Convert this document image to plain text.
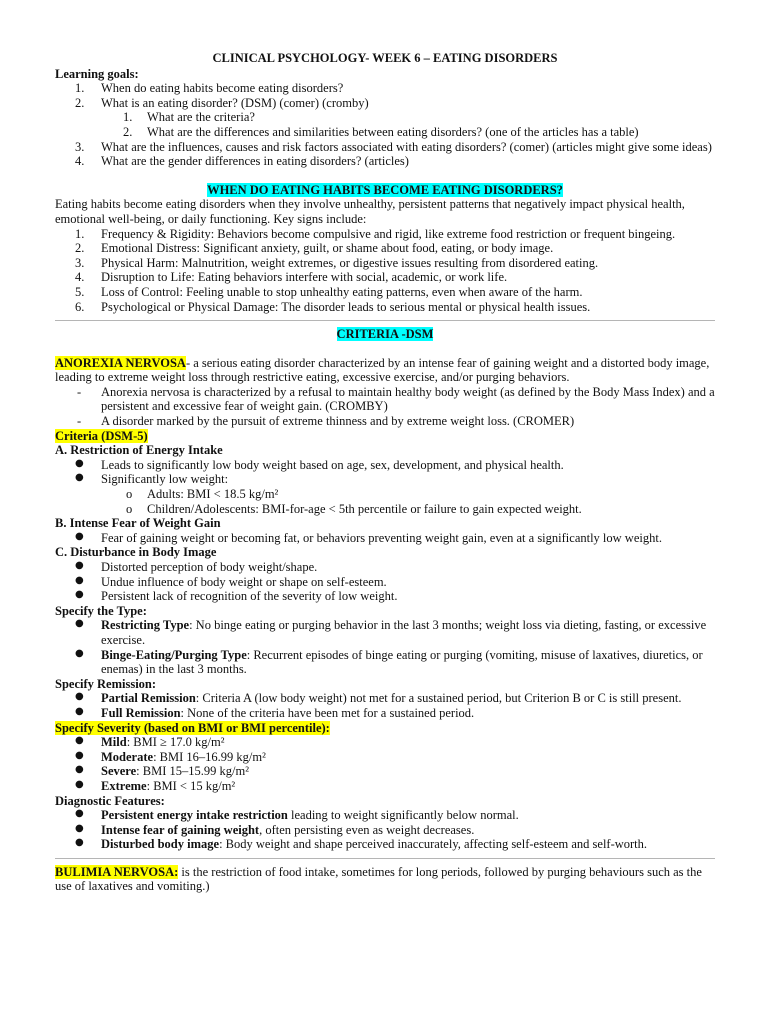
CLINICAL PSYCHOLOGY- WEEK 6 – EATING DISORDERS
Learning goals:
1. When do eating habits become eating disorders?
2. What is an eating disorder? (DSM) (comer) (cromby)
1. What are the criteria?
2. What are the differences and similarities between eating disorders? (one of the articles has a table)
3. What are the influences, causes and risk factors associated with eating disorders? (comer) (articles might give some ideas)
4. What are the gender differences in eating disorders? (articles)
WHEN DO EATING HABITS BECOME EATING DISORDERS?
Eating habits become eating disorders when they involve unhealthy, persistent patterns that negatively impact physical health, emotional well-being, or daily functioning. Key signs include:
1. Frequency & Rigidity: Behaviors become compulsive and rigid, like extreme food restriction or frequent bingeing.
2. Emotional Distress: Significant anxiety, guilt, or shame about food, eating, or body image.
3. Physical Harm: Malnutrition, weight extremes, or digestive issues resulting from disordered eating.
4. Disruption to Life: Eating behaviors interfere with social, academic, or work life.
5. Loss of Control: Feeling unable to stop unhealthy eating patterns, even when aware of the harm.
6. Psychological or Physical Damage: The disorder leads to serious mental or physical health issues.
CRITERIA -DSM
ANOREXIA NERVOSA- a serious eating disorder characterized by an intense fear of gaining weight and a distorted body image, leading to extreme weight loss through restrictive eating, excessive exercise, and/or purging behaviors.
- Anorexia nervosa is characterized by a refusal to maintain healthy body weight (as defined by the Body Mass Index) and a persistent and excessive fear of weight gain. (CROMBY)
- A disorder marked by the pursuit of extreme thinness and by extreme weight loss. (CROMER)
Criteria (DSM-5)
A. Restriction of Energy Intake
● Leads to significantly low body weight based on age, sex, development, and physical health.
● Significantly low weight:
o Adults: BMI < 18.5 kg/m²
o Children/Adolescents: BMI-for-age < 5th percentile or failure to gain expected weight.
B. Intense Fear of Weight Gain
● Fear of gaining weight or becoming fat, or behaviors preventing weight gain, even at a significantly low weight.
C. Disturbance in Body Image
● Distorted perception of body weight/shape.
● Undue influence of body weight or shape on self-esteem.
● Persistent lack of recognition of the severity of low weight.
Specify the Type:
● Restricting Type: No binge eating or purging behavior in the last 3 months; weight loss via dieting, fasting, or excessive exercise.
● Binge-Eating/Purging Type: Recurrent episodes of binge eating or purging (vomiting, misuse of laxatives, diuretics, or enemas) in the last 3 months.
Specify Remission:
● Partial Remission: Criteria A (low body weight) not met for a sustained period, but Criterion B or C is still present.
● Full Remission: None of the criteria have been met for a sustained period.
Specify Severity (based on BMI or BMI percentile):
● Mild: BMI ≥ 17.0 kg/m²
● Moderate: BMI 16–16.99 kg/m²
● Severe: BMI 15–15.99 kg/m²
● Extreme: BMI < 15 kg/m²
Diagnostic Features:
● Persistent energy intake restriction leading to weight significantly below normal.
● Intense fear of gaining weight, often persisting even as weight decreases.
● Disturbed body image: Body weight and shape perceived inaccurately, affecting self-esteem and self-worth.
BULIMIA NERVOSA: is the restriction of food intake, sometimes for long periods, followed by purging behaviours such as the use of laxatives and vomiting.)
